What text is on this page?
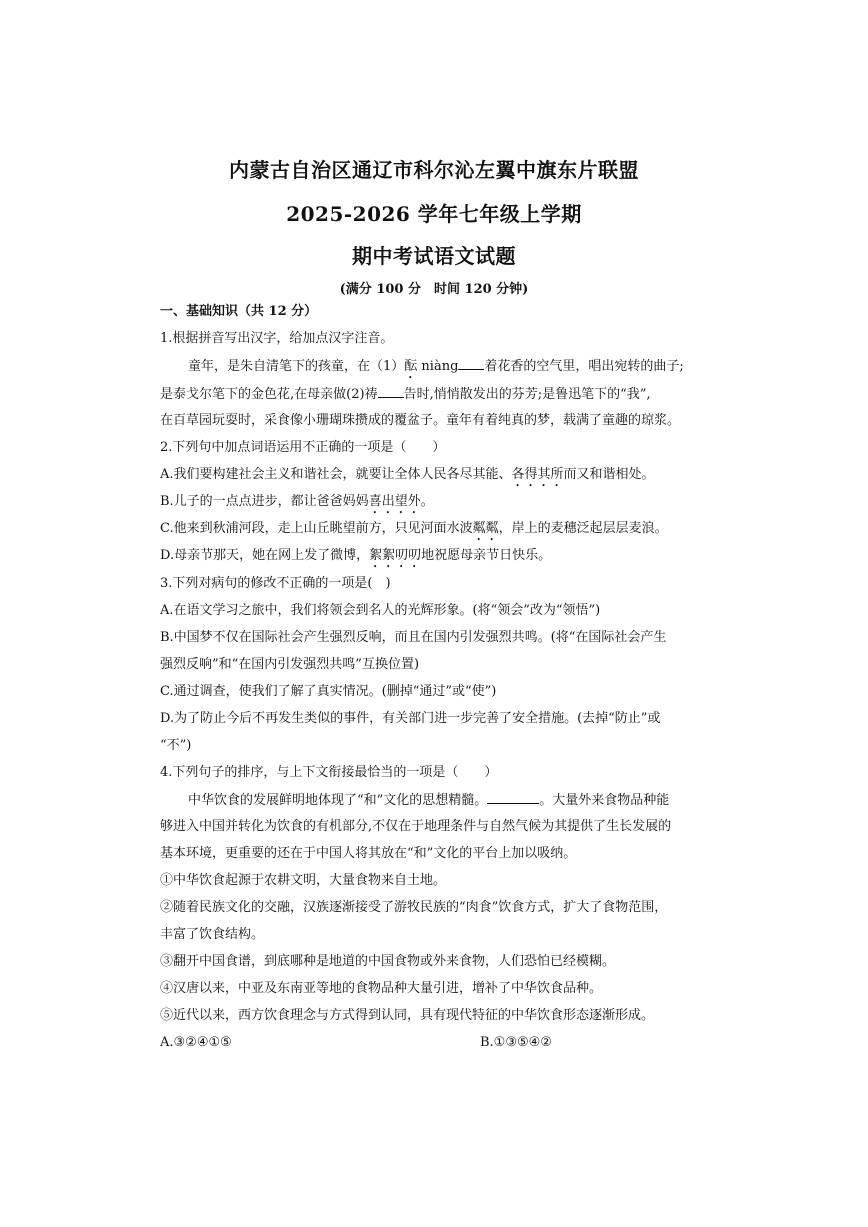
内蒙古自治区通辽市科尔沁左翼中旗东片联盟
2025-2026 学年七年级上学期
期中考试语文试题
(满分 100 分　时间 120 分钟)
一、基础知识（共 12 分）
1.根据拼音写出汉字，给加点汉字注音。
童年，是朱自清笔下的孩童，在（1）酝 niàng 着花香的空气里，唱出宛转的曲子;
是泰戈尔笔下的金色花,在母亲做(2)祷 告时,悄悄散发出的芬芳;是鲁迅笔下的“我”,
在百草园玩耍时，采食像小珊瑚珠攒成的覆盆子。童年有着纯真的梦，载满了童趣的琼浆。
2.下列句中加点词语运用不正确的一项是（　　）
A.我们要构建社会主义和谐社会，就要让全体人民各尽其能、各得其所而又和谐相处。
B.儿子的一点点进步，都让爸爸妈妈喜出望外。
C.他来到秋浦河段，走上山丘眺望前方，只见河面水波粼粼，岸上的麦穗泛起层层麦浪。
D.母亲节那天，她在网上发了微博，絮絮叨叨地祝愿母亲节日快乐。
3.下列对病句的修改不正确的一项是(　)
A.在语文学习之旅中，我们将领会到名人的光辉形象。(将“领会”改为“领悟”)
B.中国梦不仅在国际社会产生强烈反响，而且在国内引发强烈共鸣。(将“在国际社会产生
强烈反响”和“在国内引发强烈共鸣”互换位置)
C.通过调查，使我们了解了真实情况。(删掉“通过”或“使”)
D.为了防止今后不再发生类似的事件，有关部门进一步完善了安全措施。(去掉“防止”或
“不”)
4.下列句子的排序，与上下文衔接最恰当的一项是（　　）
中华饮食的发展鲜明地体现了“和”文化的思想精髓。	。大量外来食物品种能
够进入中国并转化为饮食的有机部分,不仅在于地理条件与自然气候为其提供了生长发展的
基本环境，更重要的还在于中国人将其放在“和”文化的平台上加以吸纳。
①中华饮食起源于农耕文明，大量食物来自土地。
②随着民族文化的交融，汉族逐渐接受了游牧民族的“肉食”饮食方式，扩大了食物范围，
丰富了饮食结构。
③翻开中国食谱，到底哪种是地道的中国食物或外来食物，人们恐怕已经模糊。
④汉唐以来，中亚及东南亚等地的食物品种大量引进，增补了中华饮食品种。
⑤近代以来，西方饮食理念与方式得到认同，具有现代特征的中华饮食形态逐渐形成。
A.③②④①⑤	B.①③⑤④②
